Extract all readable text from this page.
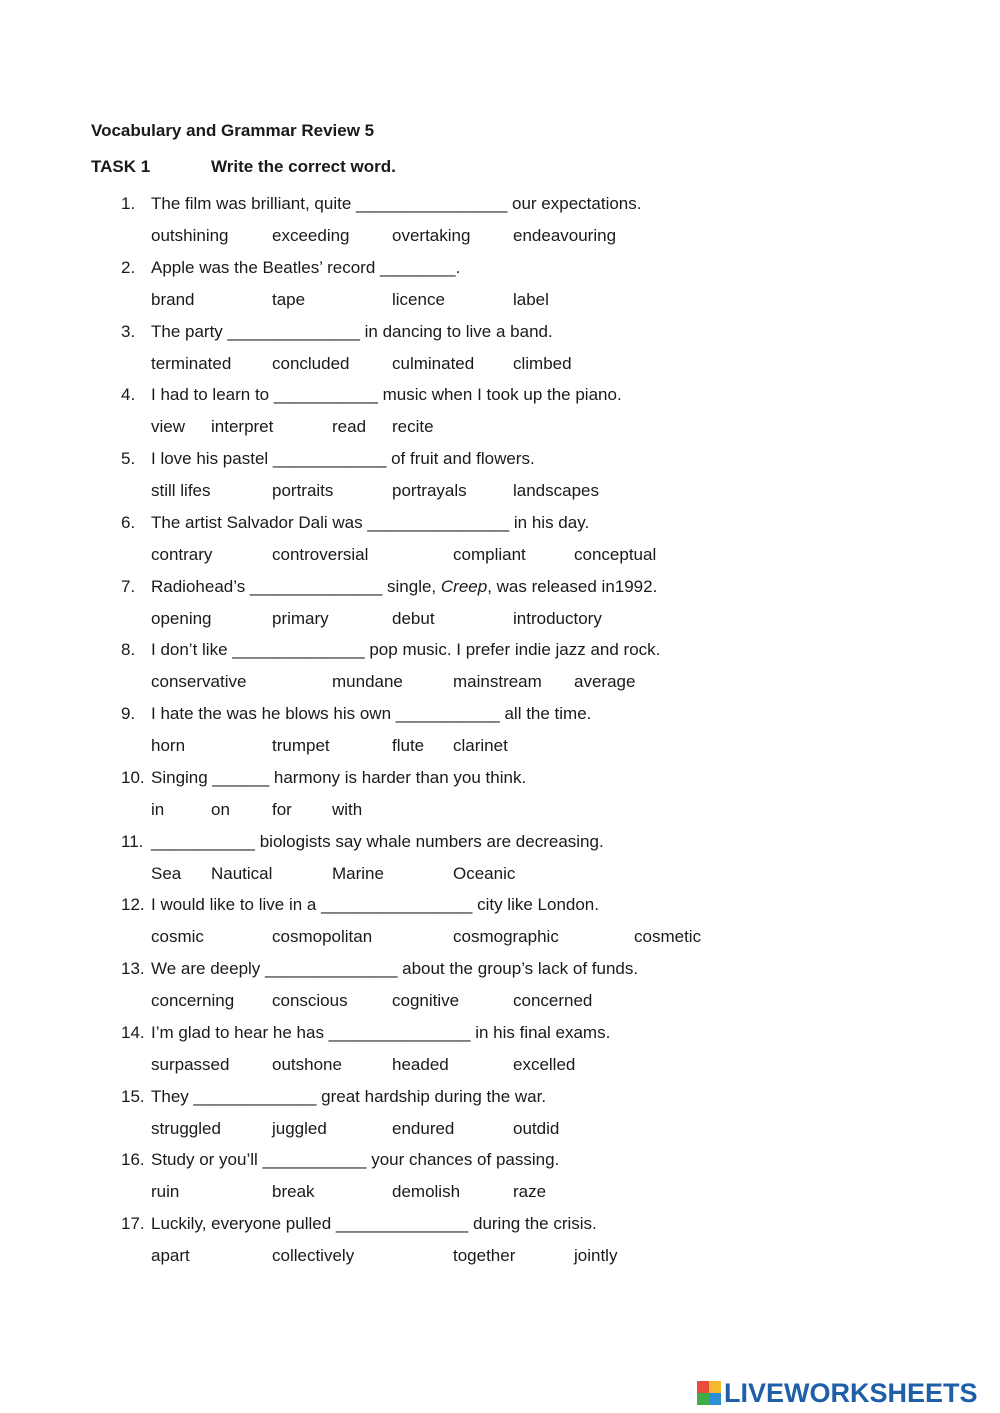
Vocabulary and Grammar Review 5
TASK 1	Write the correct word.
1. The film was brilliant, quite ________________ our expectations.
outshining	exceeding overtaking	endeavouring
2. Apple was the Beatles’ record ________.
brand	tape	licence	label
3. The party ______________ in dancing to live a band.
terminated concluded culminated climbed
4. I had to learn to ___________ music when I took up the piano.
view interpret	read recite
5. I love his pastel ____________ of fruit and flowers.
still lifes	portraits	portrayals	landscapes
6. The artist Salvador Dali was _______________ in his day.
contrary	controversial	compliant	conceptual
7. Radiohead’s ______________ single, Creep, was released in1992.
opening	primary	debut	introductory
8. I don’t like ______________ pop music. I prefer indie jazz and rock.
conservative	mundane	mainstream average
9. I hate the was he blows his own ___________ all the time.
horn	trumpet	flute clarinet
10. Singing ______ harmony is harder than you think.
in	on for with
11. ___________ biologists say whale numbers are decreasing.
Sea Nautical	Marine	Oceanic
12. I would like to live in a ________________ city like London.
cosmic	cosmopolitan	cosmographic	cosmetic
13. We are deeply ______________ about the group’s lack of funds.
concerning conscious	cognitive	concerned
14. I’m glad to hear he has _______________ in his final exams.
surpassed	outshone	headed	excelled
15. They _____________ great hardship during the war.
struggled	juggled	endured	outdid
16. Study or you’ll ___________ your chances of passing.
ruin	break	demolish	raze
17. Luckily, everyone pulled ______________ during the crisis.
apart	collectively	together	jointly
LIVEWORKSHEETS
